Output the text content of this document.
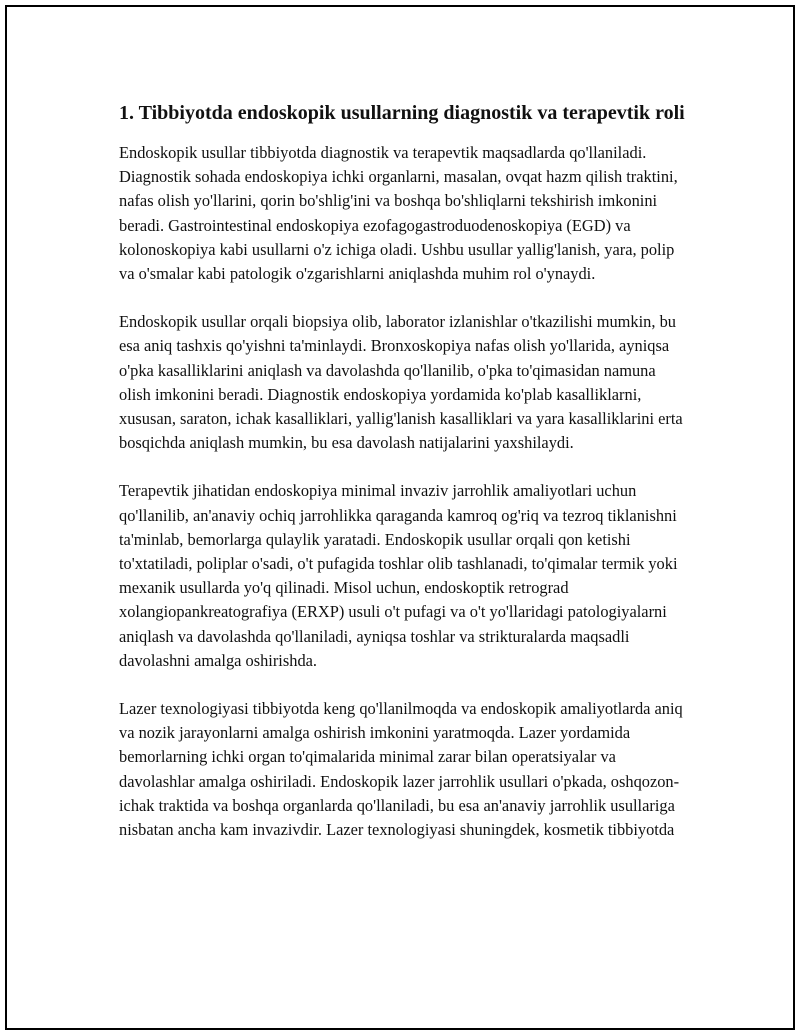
1. Tibbiyotda endoskopik usullarning diagnostik va terapevtik roli

Endoskopik usullar tibbiyotda diagnostik va terapevtik maqsadlarda qo'llaniladi. Diagnostik sohada endoskopiya ichki organlarni, masalan, ovqat hazm qilish traktini, nafas olish yo'llarini, qorin bo'shlig'ini va boshqa bo'shliqlarni tekshirish imkonini beradi. Gastrointestinal endoskopiya ezofagogastroduodenoskopiya (EGD) va kolonoskopiya kabi usullarni o'z ichiga oladi. Ushbu usullar yallig'lanish, yara, polip va o'smalar kabi patologik o'zgarishlarni aniqlashda muhim rol o'ynaydi.

Endoskopik usullar orqali biopsiya olib, laborator izlanishlar o'tkazilishi mumkin, bu esa aniq tashxis qo'yishni ta'minlaydi. Bronxoskopiya nafas olish yo'llarida, ayniqsa o'pka kasalliklarini aniqlash va davolashda qo'llanilib, o'pka to'qimasidan namuna olish imkonini beradi. Diagnostik endoskopiya yordamida ko'plab kasalliklarni, xususan, saraton, ichak kasalliklari, yallig'lanish kasalliklari va yara kasalliklarini erta bosqichda aniqlash mumkin, bu esa davolash natijalarini yaxshilaydi.

Terapevtik jihatidan endoskopiya minimal invaziv jarrohlik amaliyotlari uchun qo'llanilib, an'anaviy ochiq jarrohlikka qaraganda kamroq og'riq va tezroq tiklanishni ta'minlab, bemorlarga qulaylik yaratadi. Endoskopik usullar orqali qon ketishi to'xtatiladi, poliplar o'sadi, o't pufagida toshlar olib tashlanadi, to'qimalar termik yoki mexanik usullarda yo'q qilinadi. Misol uchun, endoskoptik retrograd xolangiopankreatografiya (ERXP) usuli o't pufagi va o't yo'llaridagi patologiyalarni aniqlash va davolashda qo'llaniladi, ayniqsa toshlar va strikturalarda maqsadli davolashni amalga oshirishda.

Lazer texnologiyasi tibbiyotda keng qo'llanilmoqda va endoskopik amaliyotlarda aniq va nozik jarayonlarni amalga oshirish imkonini yaratmoqda. Lazer yordamida bemorlarning ichki organ to'qimalarida minimal zarar bilan operatsiyalar va davolashlar amalga oshiriladi. Endoskopik lazer jarrohlik usullari o'pkada, oshqozon-ichak traktida va boshqa organlarda qo'llaniladi, bu esa an'anaviy jarrohlik usullariga nisbatan ancha kam invazivdir. Lazer texnologiyasi shuningdek, kosmetik tibbiyotda
